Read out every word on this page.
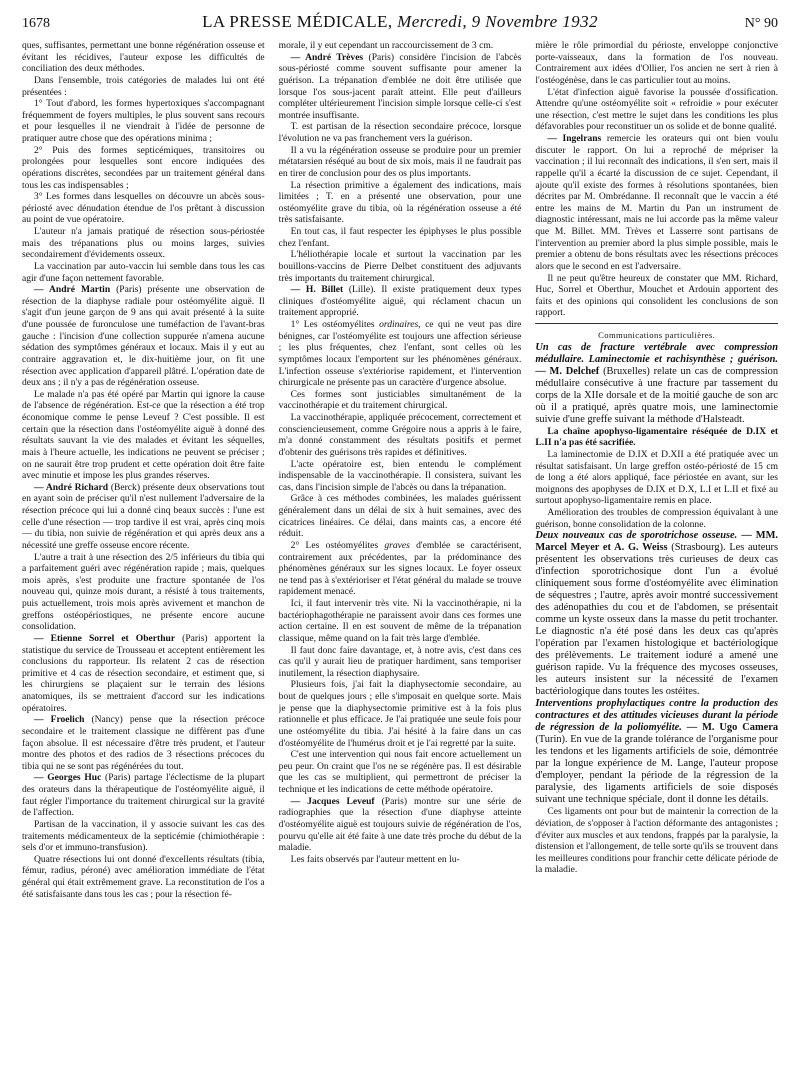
1678	LA PRESSE MÉDICALE, Mercredi, 9 Novembre 1932	N° 90

ques, suffisantes, permettant une bonne régénération osseuse et évitant les récidives, l'auteur expose les difficultés de conciliation des deux méthodes.

Dans l'ensemble, trois catégories de malades lui ont été présentées :

1° Tout d'abord, les formes hypertoxiques s'accompagnant fréquemment de foyers multiples, le plus souvent sans recours et pour lesquelles il ne viendrait à l'idée de personne de pratiquer autre chose que des opérations minima ;

2° Puis des formes septicémiques, transitoires ou prolongées pour lesquelles sont encore indiquées des opérations discrètes, secondées par un traitement général dans tous les cas indispensables ;

3° Les formes dans lesquelles on découvre un abcès sous-périosté avec dénudation étendue de l'os prêtant à discussion au point de vue opératoire.

L'auteur n'a jamais pratiqué de résection sous-périostée mais des trépanations plus ou moins larges, suivies secondairement d'évidements osseux.

La vaccination par auto-vaccin lui semble dans tous les cas agir d'une façon nettement favorable.

— André Martin (Paris) présente une observation de résection de la diaphyse radiale pour ostéomyélite aiguë. Il s'agit d'un jeune garçon de 9 ans qui avait présenté à la suite d'une poussée de furonculose une tuméfaction de l'avant-bras gauche : l'incision d'une collection suppurée n'amena aucune sédation des symptômes généraux et locaux. Mais il y eut au contraire aggravation et, le dix-huitième jour, on fit une résection avec application d'appareil plâtré. L'opération date de deux ans ; il n'y a pas de régénération osseuse.

Le malade n'a pas été opéré par Martin qui ignore la cause de l'absence de régénération. Est-ce que la résection a été trop économique comme le pense Leveuf ? C'est possible. Il est certain que la résection dans l'ostéomyélite aiguë à donné des résultats sauvant la vie des malades et évitant les séquelles, mais à l'heure actuelle, les indications ne peuvent se préciser ; on ne saurait être trop prudent et cette opération doit être faite avec minutie et impose les plus grandes réserves.

— André Richard (Berck) présente deux observations tout en ayant soin de préciser qu'il n'est nullement l'adversaire de la résection précoce qui lui a donné cinq beaux succès : l'une est celle d'une résection — trop tardive il est vrai, après cinq mois — du tibia, non suivie de régénération et qui après deux ans a nécessité une greffe osseuse encore récente.

L'autre a trait à une résection des 2/5 inférieurs du tibia qui a parfaitement guéri avec régénération rapide ; mais, quelques mois après, s'est produite une fracture spontanée de l'os nouveau qui, quinze mois durant, a résisté à tous traitements, puis actuellement, trois mois après avivement et manchon de greffons ostéopériostiques, ne présente encore aucune consolidation.

— Etienne Sorrel et Oberthur (Paris) apportent la statistique du service de Trousseau et acceptent entièrement les conclusions du rapporteur. Ils relatent 2 cas de résection primitive et 4 cas de résection secondaire, et estiment que, si les chirurgiens se plaçaient sur le terrain des lésions anatomiques, ils se mettraient d'accord sur les indications opératoires.

— Froelich (Nancy) pense que la résection précoce secondaire et le traitement classique ne diffèrent pas d'une façon absolue. Il est nécessaire d'être très prudent, et l'auteur montre des photos et des radios de 3 résections précoces du tibia qui ne se sont pas régénérées du tout.

— Georges Huc (Paris) partage l'éclectisme de la plupart des orateurs dans la thérapeutique de l'ostéomyélite aiguë, il faut régler l'importance du traitement chirurgical sur la gravité de l'affection.

Partisan de la vaccination, il y associe suivant les cas des traitements médicamenteux de la septicémie (chimiothérapie : sels d'or et immuno-transfusion).

Quatre résections lui ont donné d'excellents résultats (tibia, fémur, radius, péroné) avec amélioration immédiate de l'état général qui était extrêmement grave. La reconstitution de l'os a été satisfaisante dans tous les cas ; pour la résection fé-

morale, il y eut cependant un raccourcissement de 3 cm.

— André Trèves (Paris) considère l'incision de l'abcès sous-périosté comme souvent suffisante pour amener la guérison. La trépanation d'emblée ne doit être utilisée que lorsque l'os sous-jacent paraît atteint. Elle peut d'ailleurs compléter ultérieurement l'incision simple lorsque celle-ci s'est montrée insuffisante.

T. est partisan de la résection secondaire précoce, lorsque l'évolution ne va pas franchement vers la guérison.

Il a vu la régénération osseuse se produire pour un premier métatarsien réséqué au bout de six mois, mais il ne faudrait pas en tirer de conclusion pour des os plus importants.

La résection primitive a également des indications, mais limitées ; T. en a présenté une observation, pour une ostéomyélite grave du tibia, où la régénération osseuse a été très satisfaisante.

En tout cas, il faut respecter les épiphyses le plus possible chez l'enfant.

L'héliothérapie locale et surtout la vaccination par les bouillons-vaccins de Pierre Delbet constituent des adjuvants très importants du traitement chirurgical.

— H. Billet (Lille). Il existe pratiquement deux types cliniques d'ostéomyélite aiguë, qui réclament chacun un traitement approprié.

1° Les ostéomyélites ordinaires, ce qui ne veut pas dire bénignes, car l'ostéomyélite est toujours une affection sérieuse ; les plus fréquentes, chez l'enfant, sont celles où les symptômes locaux l'emportent sur les phénomènes généraux. L'infection osseuse s'extériorise rapidement, et l'intervention chirurgicale ne présente pas un caractère d'urgence absolue.

Ces formes sont justiciables simultanément de la vaccinothérapie et du traitement chirurgical.

La vaccinothérapie, appliquée précocement, correctement et consciencieusement, comme Grégoire nous a appris à le faire, m'a donné constamment des résultats positifs et permet d'obtenir des guérisons très rapides et définitives.

L'acte opératoire est, bien entendu le complément indispensable de la vaccinothérapie. Il consistera, suivant les cas, dans l'incision simple de l'abcès ou dans la trépanation.

Grâce à ces méthodes combinées, les malades guérissent généralement dans un délai de six à huit semaines, avec des cicatrices linéaires. Ce délai, dans maints cas, a encore été réduit.

2° Les ostéomyélites graves d'emblée se caractérisent, contrairement aux précédentes, par la prédominance des phénomènes généraux sur les signes locaux. Le foyer osseux ne tend pas à s'extérioriser et l'état général du malade se trouve rapidement menacé.

Ici, il faut intervenir très vite. Ni la vaccinothérapie, ni la bactériophagothérapie ne paraissent avoir dans ces formes une action certaine. Il en est souvent de même de la trépanation classique, même quand on la fait très large d'emblée.

Il faut donc faire davantage, et, à notre avis, c'est dans ces cas qu'il y aurait lieu de pratiquer hardiment, sans temporiser inutilement, la résection diaphysaire.

Plusieurs fois, j'ai fait la diaphysectomie secondaire, au bout de quelques jours ; elle s'imposait en quelque sorte. Mais je pense que la diaphysectomie primitive est à la fois plus rationnelle et plus efficace. Je l'ai pratiquée une seule fois pour une ostéomyélite du tibia. J'ai hésité à la faire dans un cas d'ostéomyélite de l'humérus droit et je l'ai regretté par la suite.

C'est une intervention qui nous fait encore actuellement un peu peur. On craint que l'os ne se régénère pas. Il est désirable que les cas se multiplient, qui permettront de préciser la technique et les indications de cette méthode opératoire.

— Jacques Leveuf (Paris) montre sur une série de radiographies que la résection d'une diaphyse atteinte d'ostéomyélite aiguë est toujours suivie de régénération de l'os, pourvu qu'elle ait été faite à une date très proche du début de la maladie.

Les faits observés par l'auteur mettent en lu-

mière le rôle primordial du périoste, enveloppe conjonctive porte-vaisseaux, dans la formation de l'os nouveau. Contrairement aux idées d'Ollier, l'os ancien ne sert à rien à l'ostéogénèse, dans le cas particulier tout au moins.

L'état d'infection aiguë favorise la poussée d'ossification. Attendre qu'une ostéomyélite soit « refroidie » pour exécuter une résection, c'est mettre le sujet dans les conditions les plus défavorables pour reconstituer un os solide et de bonne qualité.

— Ingelrans remercie les orateurs qui ont bien voulu discuter le rapport. On lui a reproché de mépriser la vaccination ; il lui reconnaît des indications, il s'en sert, mais il rappelle qu'il a écarté la discussion de ce sujet. Cependant, il ajoute qu'il existe des formes à résolutions spontanées, bien décrites par M. Ombrédanne. Il reconnaît que le vaccin a été entre les mains de M. Martin du Pan un instrument de diagnostic intéressant, mais ne lui accorde pas la même valeur que M. Billet. MM. Trèves et Lasserre sont partisans de l'intervention au premier abord la plus simple possible, mais le premier a obtenu de bons résultats avec les résections précoces alors que le second en est l'adversaire.

Il ne peut qu'être heureux de constater que MM. Richard, Huc, Sorrel et Oberthur, Mouchet et Ardouin apportent des faits et des opinions qui consolident les conclusions de son rapport.

Communications particulières.

Un cas de fracture vertébrale avec compression médullaire. Laminectomie et rachisynthèse ; guérison. — M. Delchef (Bruxelles) relate un cas de compression médullaire consécutive à une fracture par tassement du corps de la XIIe dorsale et de la moitié gauche de son arc où il a pratiqué, après quatre mois, une laminectomie suivie d'une greffe suivant la méthode d'Halsteadt.

La chaîne apophyso-ligamentaire réséquée de D.IX et L.II n'a pas été sacrifiée.

La laminectomie de D.IX et D.XII a été pratiquée avec un résultat satisfaisant. Un large greffon ostéo-périosté de 15 cm de long a été alors appliqué, face périostée en avant, sur les moignons des apophyses de D.IX et D.X, L.I et L.II et fixé au surtout apophyso-ligamentaire remis en place.

Amélioration des troubles de compression équivalant à une guérison, bonne consolidation de la colonne.

Deux nouveaux cas de sporotrichose osseuse. — MM. Marcel Meyer et A. G. Weiss (Strasbourg). Les auteurs présentent les observations très curieuses de deux cas d'infection sporotrichosique dont l'un a évolué cliniquement sous forme d'ostéomyélite avec élimination de séquestres ; l'autre, après avoir montré successivement des adénopathies du cou et de l'abdomen, se présentait comme un kyste osseux dans la masse du petit trochanter. Le diagnostic n'a été posé dans les deux cas qu'après l'opération par l'examen histologique et bactériologique des prélèvements. Le traitement ioduré a amené une guérison rapide. Vu la fréquence des mycoses osseuses, les auteurs insistent sur la nécessité de l'examen bactériologique dans toutes les ostéites.

Interventions prophylactiques contre la production des contractures et des attitudes vicieuses durant la période de régression de la poliomyélite. — M. Ugo Camera (Turin). En vue de la grande tolérance de l'organisme pour les tendons et les ligaments artificiels de soie, démontrée par la longue expérience de M. Lange, l'auteur propose d'employer, pendant la période de la régression de la paralysie, des ligaments artificiels de soie disposés suivant une technique spéciale, dont il donne les détails.

Ces ligaments ont pour but de maintenir la correction de la déviation, de s'opposer à l'action déformante des antagonistes ; d'éviter aux muscles et aux tendons, frappés par la paralysie, la distension et l'allongement, de telle sorte qu'ils se trouvent dans les meilleures conditions pour franchir cette délicate période de la maladie.
